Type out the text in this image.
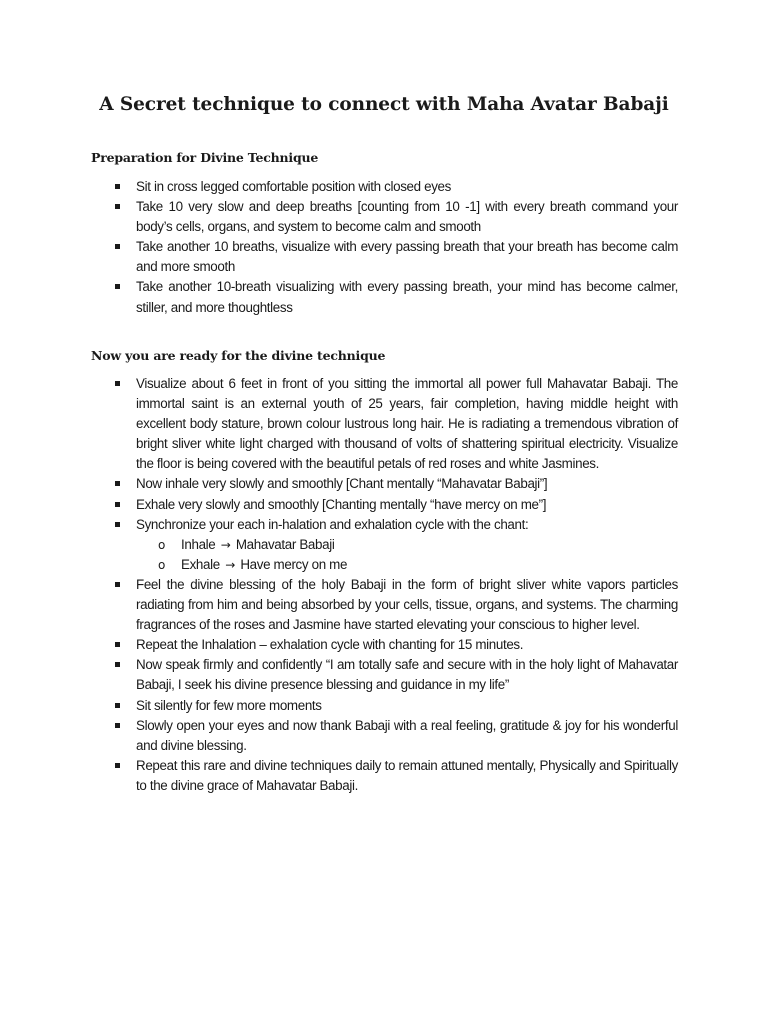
A Secret technique to connect with Maha Avatar Babaji
Preparation for Divine Technique
Sit in cross legged comfortable position with closed eyes
Take 10 very slow and deep breaths [counting from 10 -1] with every breath command your body’s cells, organs, and system to become calm and smooth
Take another 10 breaths, visualize with every passing breath that your breath has become calm and more smooth
Take another 10-breath visualizing with every passing breath, your mind has become calmer, stiller, and more thoughtless
Now you are ready for the divine technique
Visualize about 6 feet in front of you sitting the immortal all power full Mahavatar Babaji. The immortal saint is an external youth of 25 years, fair completion, having middle height with excellent body stature, brown colour lustrous long hair. He is radiating a tremendous vibration of bright sliver white light charged with thousand of volts of shattering spiritual electricity. Visualize the floor is being covered with the beautiful petals of red roses and white Jasmines.
Now inhale very slowly and smoothly [Chant mentally “Mahavatar Babaji”]
Exhale very slowly and smoothly [Chanting mentally “have mercy on me”]
Synchronize your each in-halation and exhalation cycle with the chant:
o Inhale → Mahavatar Babaji
o Exhale → Have mercy on me
Feel the divine blessing of the holy Babaji in the form of bright sliver white vapors particles radiating from him and being absorbed by your cells, tissue, organs, and systems. The charming fragrances of the roses and Jasmine have started elevating your conscious to higher level.
Repeat the Inhalation – exhalation cycle with chanting for 15 minutes.
Now speak firmly and confidently “I am totally safe and secure with in the holy light of Mahavatar Babaji, I seek his divine presence blessing and guidance in my life”
Sit silently for few more moments
Slowly open your eyes and now thank Babaji with a real feeling, gratitude & joy for his wonderful and divine blessing.
Repeat this rare and divine techniques daily to remain attuned mentally, Physically and Spiritually to the divine grace of Mahavatar Babaji.
